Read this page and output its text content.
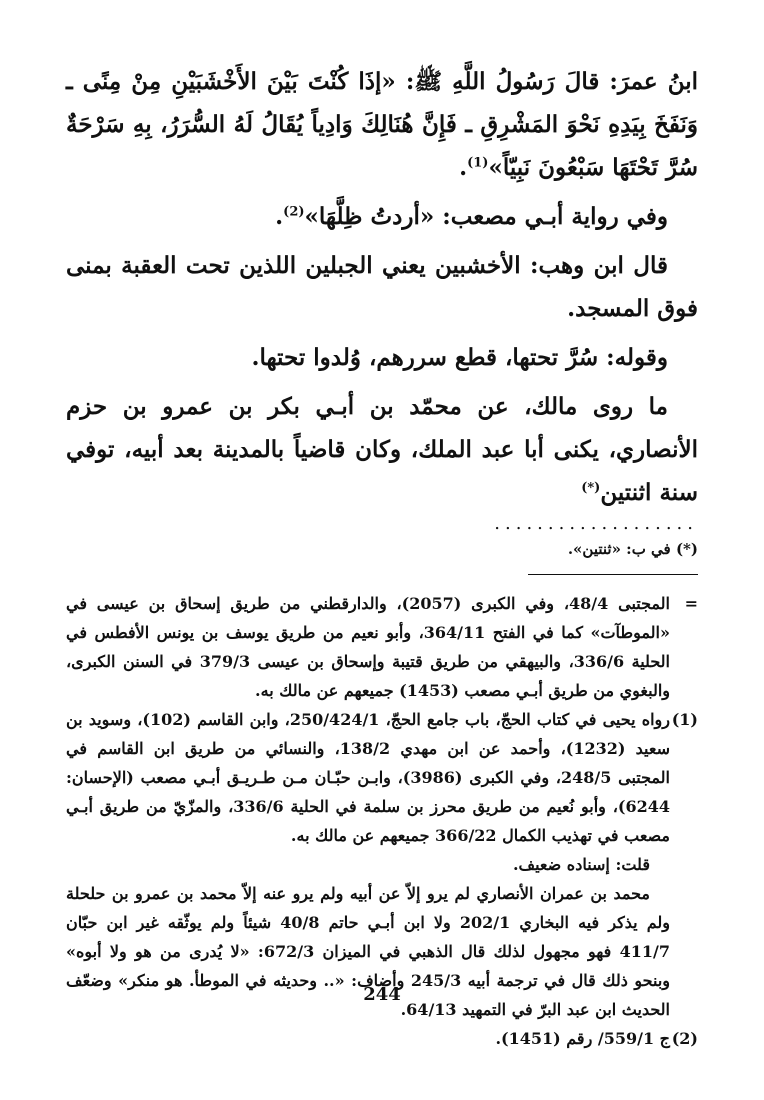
ابنُ عمرَ: قالَ رَسُولُ اللَّهِ ﷺ: «إذَا كُنْتَ بَيْنَ الأَخْشَبَيْنِ مِنْ مِنًى ـ وَنَفَخَ بِيَدِهِ نَحْوَ المَشْرِقِ ـ فَإِنَّ هُنَالِكَ وَادِياً يُقَالُ لَهُ السُّرَرُ، بِهِ سَرْحَةٌ سُرَّ تَحْتَهَا سَبْعُونَ نَبِيّاً»$^{(1)}$.

وفي رواية أبـي مصعب: «أردتُ ظِلَّهَا»$^{(2)}$.

قال ابن وهب: الأخشبين يعني الجبلين اللذين تحت العقبة بمنى فوق المسجد.

وقوله: سُرَّ تحتها، قطع سررهم، وُلدوا تحتها.

ما روى مالك، عن محمّد بن أبـي بكر بن عمرو بن حزم الأنصاري، يكنى أبا عبد الملك، وكان قاضياً بالمدينة بعد أبيه، توفي سنة اثنتين(*)

...................
(*) في ب: «ثنتين».
=

المجتبى 48/4، وفي الكبرى (2057)، والدارقطني من طريق إسحاق بن عيسى في «الموطآت» كما في الفتح 364/11، وأبو نعيم من طريق يوسف بن يونس الأفطس في الحلية 336/6، والبيهقي من طريق قتيبة وإسحاق بن عيسى 379/3 في السنن الكبرى، والبغوي من طريق أبـي مصعب (1453) جميعهم عن مالك به.

(1)

رواه يحيى في كتاب الحجّ، باب جامع الحجّ، 250/424/1، وابن القاسم (102)، وسويد بن سعيد (1232)، وأحمد عن ابن مهدي 138/2، والنسائي من طريق ابن القاسم في المجتبى 248/5، وفي الكبرى (3986)، وابـن حبّـان مـن طـريـق أبـي مصعب (الإحسان: 6244)، وأبو نُعيم من طريق محرز بن سلمة في الحلية 336/6، والمزّيّ من طريق أبـي مصعب في تهذيب الكمال 366/22 جميعهم عن مالك به.

قلت: إسناده ضعيف.

محمد بن عمران الأنصاري لم يرو إلاّ عن أبيه ولم يرو عنه إلاّ محمد بن عمرو بن حلحلة ولم يذكر فيه البخاري 202/1 ولا ابن أبـي حاتم 40/8 شيئاً ولم يوثّقه غير ابن حبّان 411/7 فهو مجهول لذلك قال الذهبي في الميزان 672/3: «لا يُدرى من هو ولا أبوه» وبنحو ذلك قال في ترجمة أبيه 245/3 وأضاف: «.. وحديثه في الموطأ. هو منكر» وضعّف الحديث ابن عبد البرّ في التمهيد 64/13.

(2)

ج 559/1/ رقم (1451).

244
